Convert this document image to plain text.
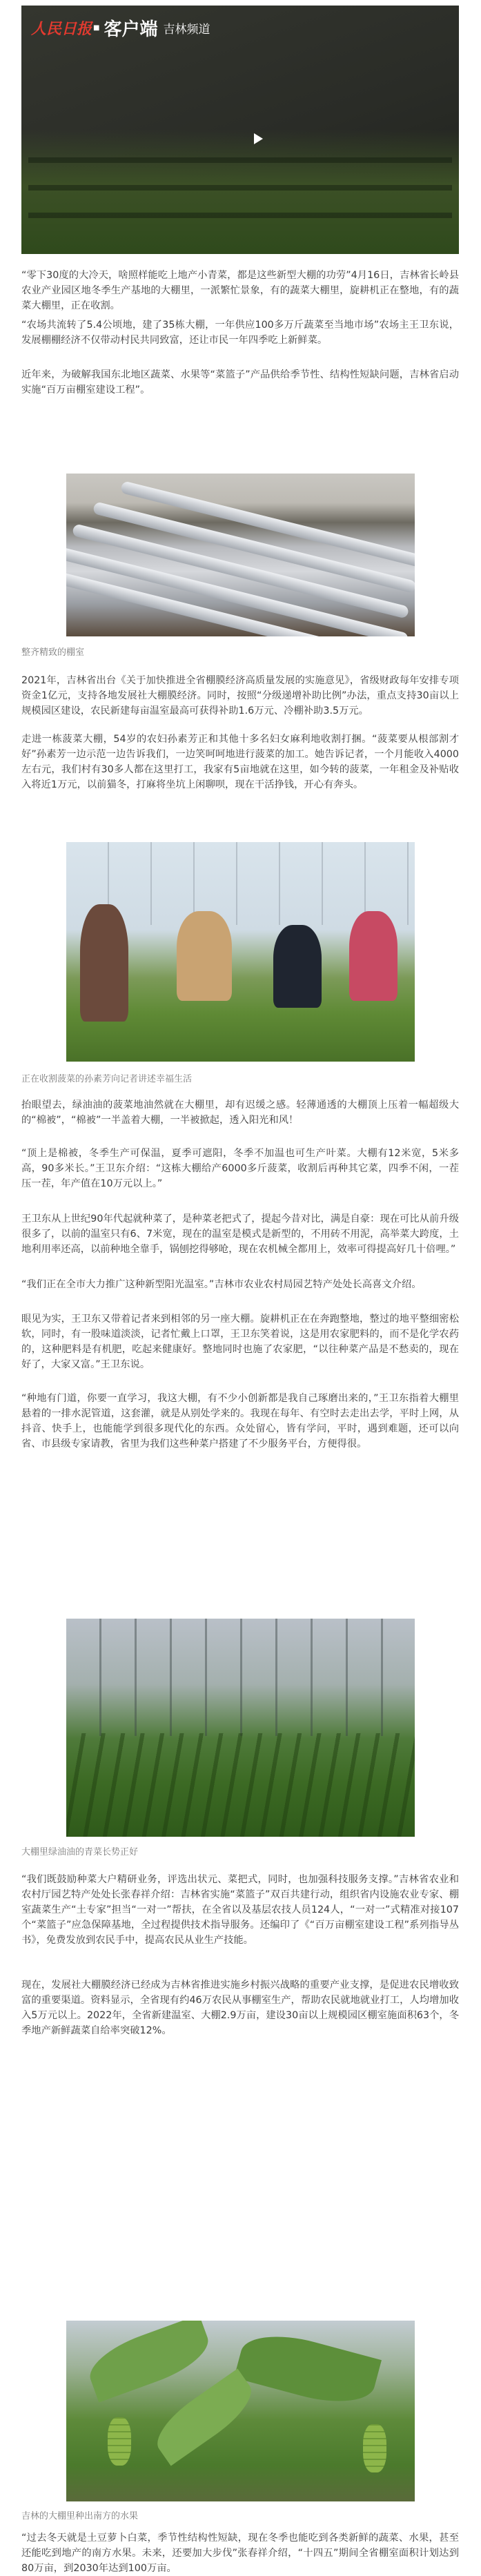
人民日报 ■ 客户端 吉林频道

“零下30度的大冷天，啥照样能吃上地产小青菜，都是这些新型大棚的功劳”4月16日，吉林省长岭县农业产业园区地冬季生产基地的大棚里，一派繁忙景象，有的蔬菜大棚里，旋耕机正在整地，有的蔬菜大棚里，正在收割。

“农场共流转了5.4公顷地，建了35栋大棚，一年供应100多万斤蔬菜至当地市场”农场主王卫东说，发展棚棚经济不仅带动村民共同致富，还让市民一年四季吃上新鲜菜。

近年来，为破解我国东北地区蔬菜、水果等“菜篮子”产品供给季节性、结构性短缺问题，吉林省启动实施“百万亩棚室建设工程”。

整齐精致的棚室

2021年，吉林省出台《关于加快推进全省棚膜经济高质量发展的实施意见》，省级财政每年安排专项资金1亿元，支持各地发展社大棚膜经济。同时，按照“分级递增补助比例”办法，重点支持30亩以上规模园区建设，农民新建每亩温室最高可获得补助1.6万元、冷棚补助3.5万元。

走进一栋菠菜大棚，54岁的农妇孙素芳正和其他十多名妇女麻利地收割打捆。“菠菜要从根部割才好”孙素芳一边示范一边告诉我们，一边笑呵呵地进行菠菜的加工。她告诉记者，一个月能收入4000左右元，我们村有30多人都在这里打工，我家有5亩地就在这里，如今转的菠菜，一年租金及补贴收入将近1万元，以前猫冬，打麻将坐坑上闲聊呗，现在干活挣钱，开心有奔头。

正在收割菠菜的孙素芳向记者讲述幸福生活

抬眼望去，绿油油的菠菜地油然就在大棚里，却有迟缓之感。轻薄通透的大棚顶上压着一幅超级大的“棉被”，“棉被”一半盖着大棚，一半被掀起，透入阳光和风！

“顶上是棉被，冬季生产可保温，夏季可遮阳，冬季不加温也可生产叶菜。大棚有12米宽，5米多高，90多米长。”王卫东介绍：“这栋大棚给产6000多斤菠菜，收割后再种其它菜，四季不闲，一茬压一茬，年产值在10万元以上。”

王卫东从上世纪90年代起就种菜了，是种菜老把式了，提起今昔对比，满是自豪：现在可比从前升级很多了，以前的温室只有6、7米宽，现在的温室是模式是新型的，不用砖不用泥，高举菜大跨度，土地利用率还高，以前种地全靠手，锅刨挖得够呛，现在农机械全都用上，效率可得提高好几十倍哩。”

“我们正在全市大力推广这种新型阳光温室。”吉林市农业农村局园艺特产处处长高喜文介绍。

眼见为实，王卫东又带着记者来到相邻的另一座大棚。旋耕机正在在奔跑整地，整过的地平整细密松软，同时，有一股味道淡淡，记者忙戴上口罩，王卫东笑着说，这是用农家肥料的，而不是化学农药的，这种肥料是有机肥，吃起来健康好。整地同时也施了农家肥，“以往种菜产品是不愁卖的，现在好了，大家又富。”王卫东说。

“种地有门道，你要一直学习，我这大棚，有不少小创新都是我自己琢磨出来的，”王卫东指着大棚里悬着的一排水泥管道，这套灌，就是从别处学来的。我现在每年、有空时去走出去学，平时上网，从抖音、快手上，也能能学到很多现代化的东西。众处留心，皆有学问，平时，遇到难题，还可以向省、市县级专家请教，省里为我们这些种菜户搭建了不少服务平台，方便得很。

大棚里绿油油的青菜长势正好

“我们既鼓励种菜大户精研业务，评选出状元、菜把式，同时，也加强科技服务支撑。”吉林省农业和农村厅园艺特产处处长张春祥介绍：吉林省实施“菜篮子”双百共建行动，组织省内设施农业专家、棚室蔬菜生产“土专家”担当“一对一”帮扶，在全省以及基层农技人员124人，“一对一”式精准对接107个“菜篮子”应急保障基地，全过程提供技术指导服务。还编印了《“百万亩棚室建设工程”系列指导丛书》，免费发放到农民手中，提高农民从业生产技能。

现在，发展社大棚膜经济已经成为吉林省推进实施乡村振兴战略的重要产业支撑，是促进农民增收致富的重要渠道。资料显示，全省现有约46万农民从事棚室生产，帮助农民就地就业打工，人均增加收入5万元以上。2022年，全省新建温室、大棚2.9万亩，建设30亩以上规模园区棚室施面积63个，冬季地产新鲜蔬菜自给率突破12%。

吉林的大棚里种出南方的水果

“过去冬天就是土豆萝卜白菜，季节性结构性短缺，现在冬季也能吃到各类新鲜的蔬菜、水果，甚至还能吃到地产的南方水果。未来，还要加大步伐”张春祥介绍，“十四五”期间全省棚室面积计划达到80万亩，到2030年达到100万亩。
